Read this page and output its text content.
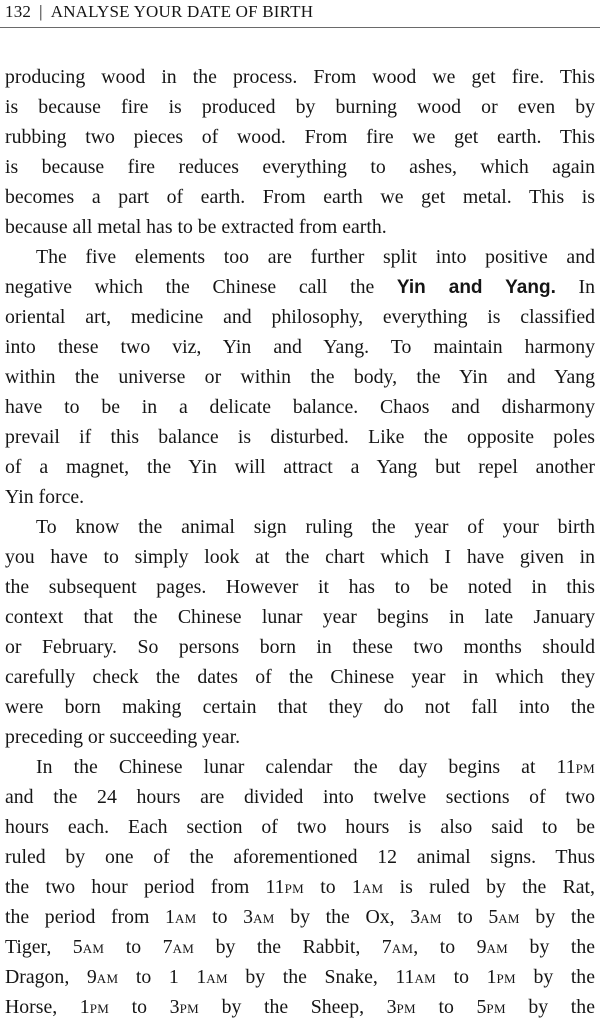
132 | ANALYSE YOUR DATE OF BIRTH
producing wood in the process. From wood we get fire. This
is because fire is produced by burning wood or even by
rubbing two pieces of wood. From fire we get earth. This
is because fire reduces everything to ashes, which again
becomes a part of earth. From earth we get metal. This is
because all metal has to be extracted from earth.
The five elements too are further split into positive and
negative which the Chinese call the Yin and Yang. In
oriental art, medicine and philosophy, everything is classified
into these two viz, Yin and Yang. To maintain harmony
within the universe or within the body, the Yin and Yang
have to be in a delicate balance. Chaos and disharmony
prevail if this balance is disturbed. Like the opposite poles
of a magnet, the Yin will attract a Yang but repel another
Yin force.
To know the animal sign ruling the year of your birth
you have to simply look at the chart which I have given in
the subsequent pages. However it has to be noted in this
context that the Chinese lunar year begins in late January
or February. So persons born in these two months should
carefully check the dates of the Chinese year in which they
were born making certain that they do not fall into the
preceding or succeeding year.
In the Chinese lunar calendar the day begins at 11PM
and the 24 hours are divided into twelve sections of two
hours each. Each section of two hours is also said to be
ruled by one of the aforementioned 12 animal signs. Thus
the two hour period from 11PM to 1AM is ruled by the Rat,
the period from 1AM to 3AM by the Ox, 3AM to 5AM by the
Tiger, 5AM to 7AM by the Rabbit, 7AM, to 9AM by the
Dragon, 9AM to 1 1AM by the Snake, 11AM to 1PM by the
Horse, 1PM to 3PM by the Sheep, 3PM to 5PM by the
